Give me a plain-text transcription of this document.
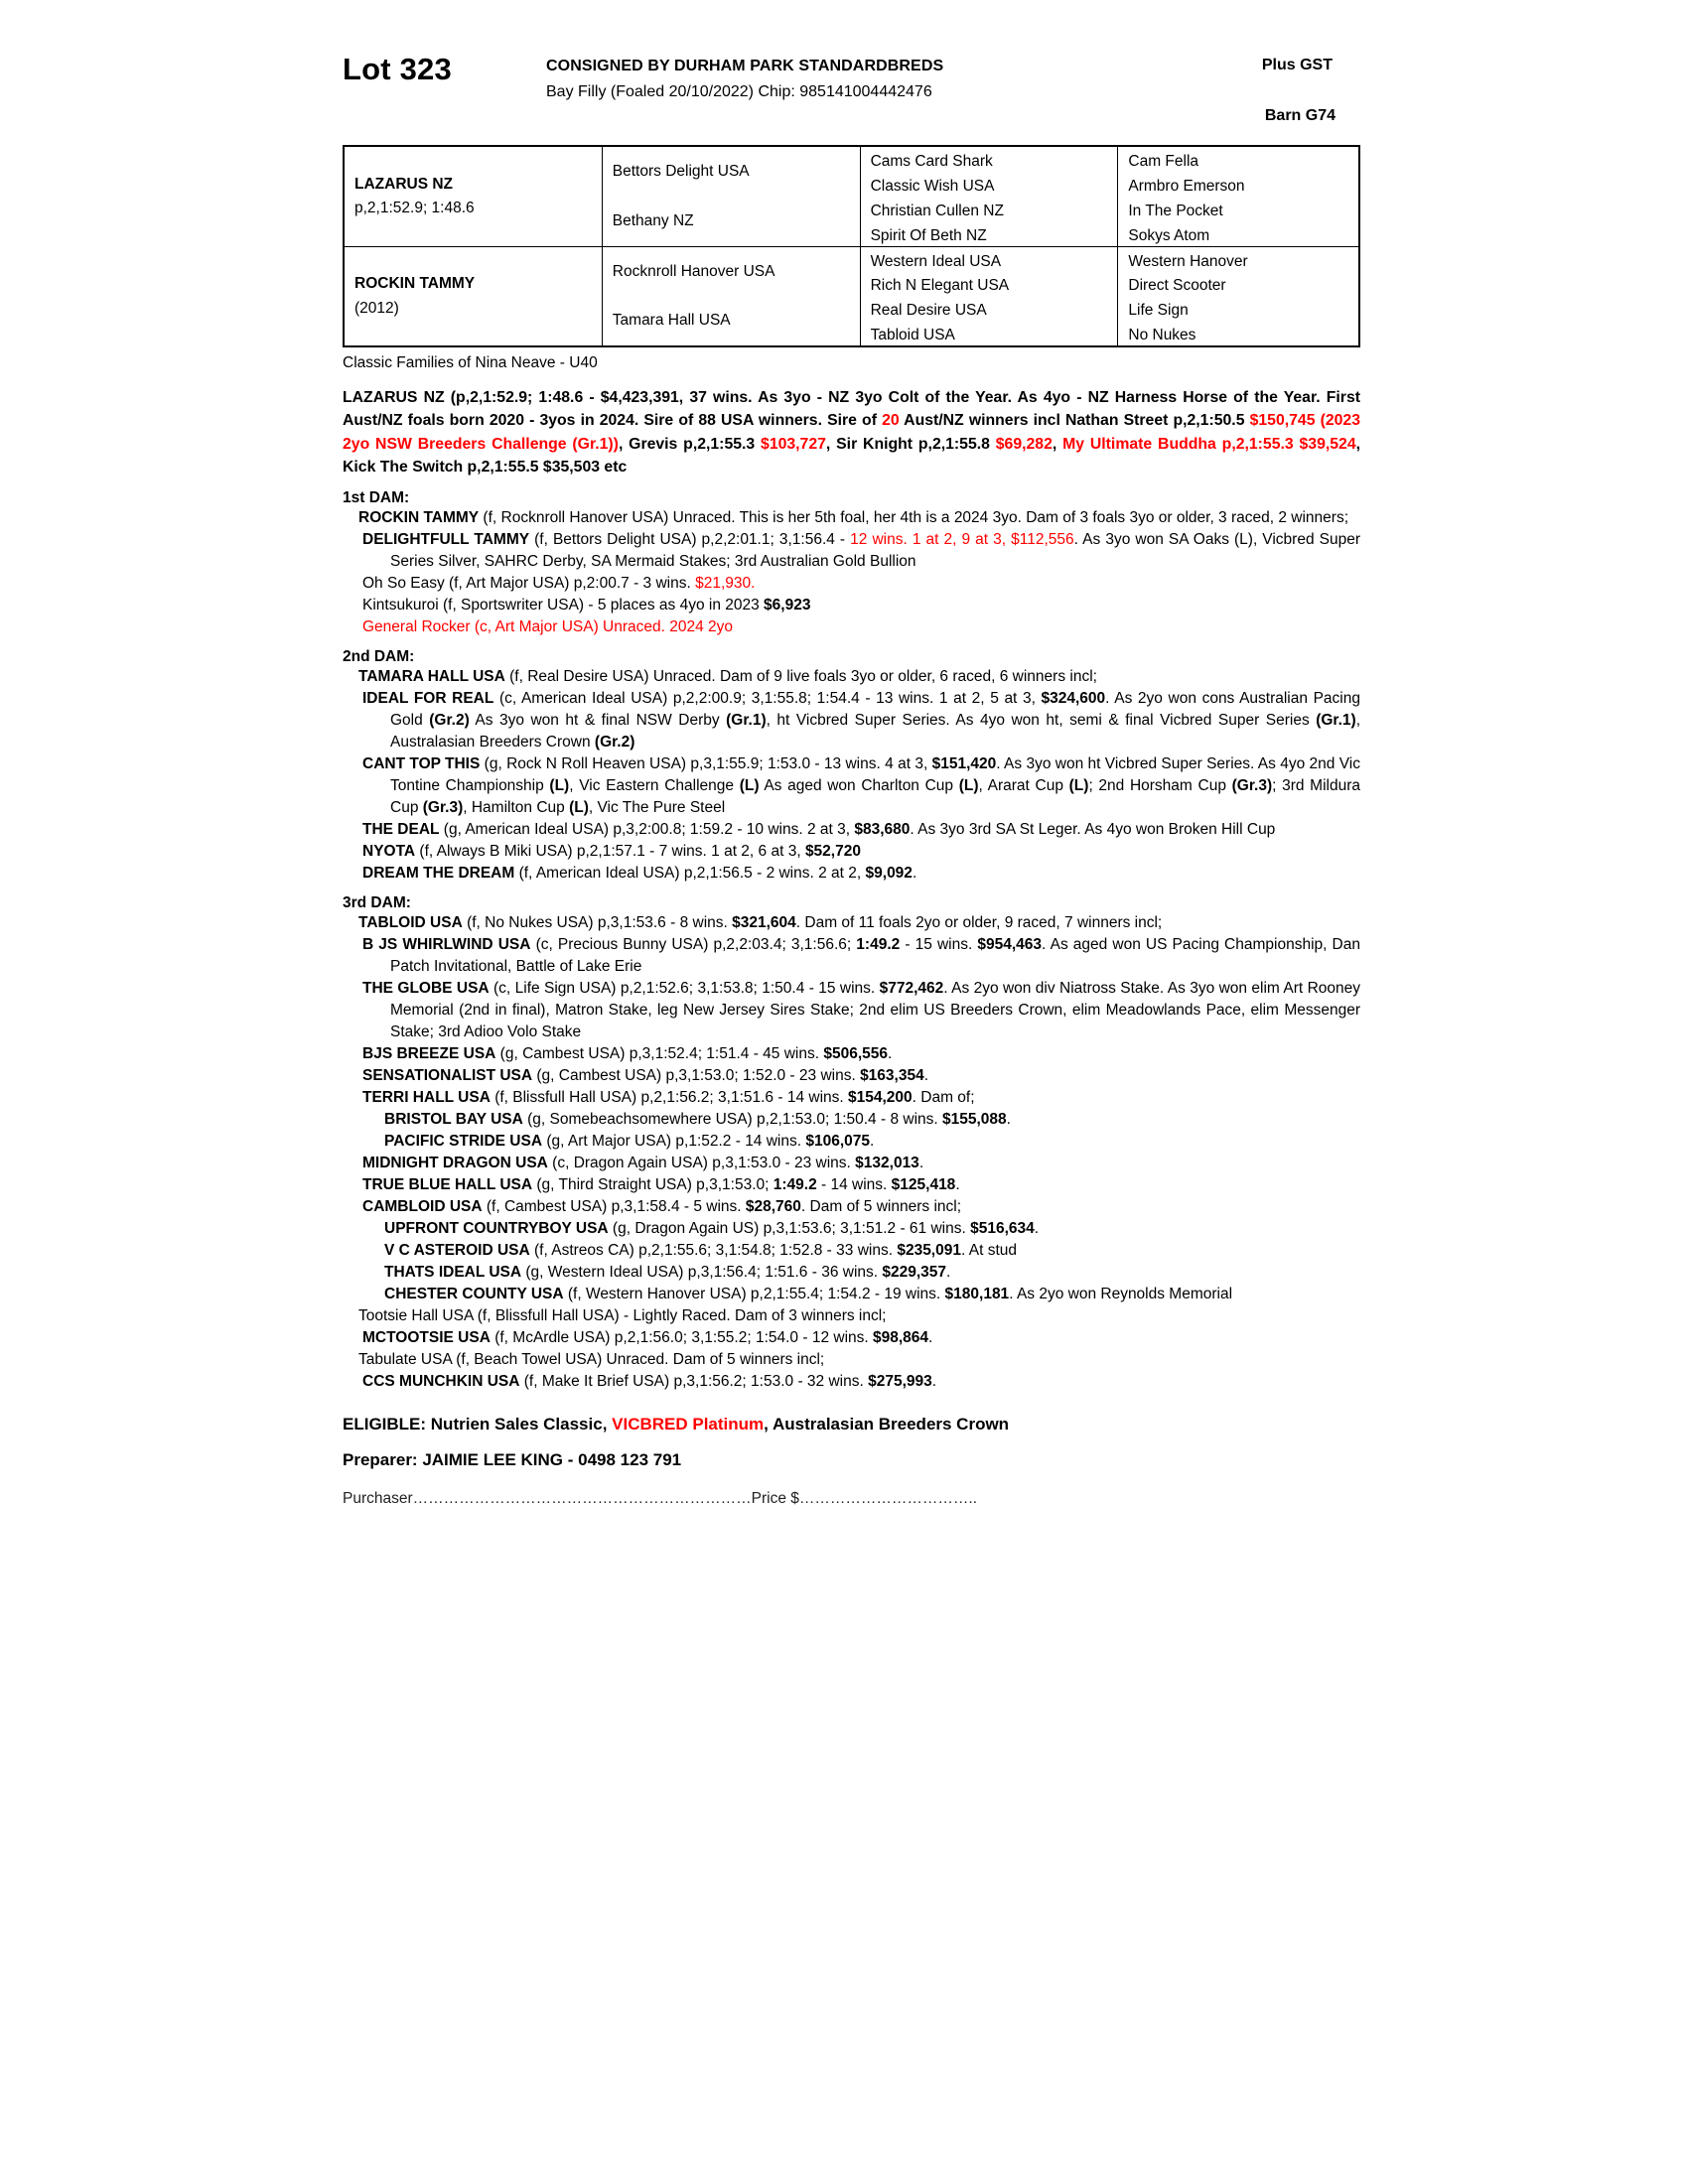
Lot 323	CONSIGNED BY DURHAM PARK STANDARDBREDS
Bay Filly (Foaled 20/10/2022) Chip: 985141004442476
Plus GST
Barn G74
LAZARUS NZ
p,2,1:52.9; 1:48.6
ROCKIN TAMMY
(2012)
Bettors Delight USA
Bethany NZ
Rocknroll Hanover USA
Tamara Hall USA
Cams Card Shark
Classic Wish USA
Christian Cullen NZ
Spirit Of Beth NZ
Western Ideal USA
Rich N Elegant USA
Real Desire USA
Tabloid USA
Cam Fella
Armbro Emerson
In The Pocket
Sokys Atom
Western Hanover
Direct Scooter
Life Sign
No Nukes
Classic Families of Nina Neave - U40
LAZARUS NZ (p,2,1:52.9; 1:48.6 - $4,423,391, 37 wins. As 3yo - NZ 3yo Colt of the Year. As 4yo - NZ Harness Horse of the Year. First Aust/NZ foals born 2020 - 3yos in 2024. Sire of 88 USA winners. Sire of 20 Aust/NZ winners incl Nathan Street p,2,1:50.5 $150,745 (2023 2yo NSW Breeders Challenge (Gr.1)), Grevis p,2,1:55.3 $103,727, Sir Knight p,2,1:55.8 $69,282, My Ultimate Buddha p,2,1:55.3 $39,524, Kick The Switch p,2,1:55.5 $35,503 etc
1st DAM:
ROCKIN TAMMY (f, Rocknroll Hanover USA) Unraced. This is her 5th foal, her 4th is a 2024 3yo. Dam of 3 foals 3yo or older, 3 raced, 2 winners;
DELIGHTFULL TAMMY (f, Bettors Delight USA) p,2,2:01.1; 3,1:56.4 - 12 wins. 1 at 2, 9 at 3, $112,556. As 3yo won SA Oaks (L), Vicbred Super Series Silver, SAHRC Derby, SA Mermaid Stakes; 3rd Australian Gold Bullion
Oh So Easy (f, Art Major USA) p,2:00.7 - 3 wins. $21,930.
Kintsukuroi (f, Sportswriter USA) - 5 places as 4yo in 2023 $6,923
General Rocker (c, Art Major USA) Unraced. 2024 2yo
2nd DAM:
TAMARA HALL USA (f, Real Desire USA) Unraced. Dam of 9 live foals 3yo or older, 6 raced, 6 winners incl;
IDEAL FOR REAL (c, American Ideal USA) p,2,2:00.9; 3,1:55.8; 1:54.4 - 13 wins. 1 at 2, 5 at 3, $324,600. As 2yo won cons Australian Pacing Gold (Gr.2) As 3yo won ht & final NSW Derby (Gr.1), ht Vicbred Super Series. As 4yo won ht, semi & final Vicbred Super Series (Gr.1), Australasian Breeders Crown (Gr.2)
CANT TOP THIS (g, Rock N Roll Heaven USA) p,3,1:55.9; 1:53.0 - 13 wins. 4 at 3, $151,420. As 3yo won ht Vicbred Super Series. As 4yo 2nd Vic Tontine Championship (L), Vic Eastern Challenge (L) As aged won Charlton Cup (L), Ararat Cup (L); 2nd Horsham Cup (Gr.3); 3rd Mildura Cup (Gr.3), Hamilton Cup (L), Vic The Pure Steel
THE DEAL (g, American Ideal USA) p,3,2:00.8; 1:59.2 - 10 wins. 2 at 3, $83,680. As 3yo 3rd SA St Leger. As 4yo won Broken Hill Cup
NYOTA (f, Always B Miki USA) p,2,1:57.1 - 7 wins. 1 at 2, 6 at 3, $52,720
DREAM THE DREAM (f, American Ideal USA) p,2,1:56.5 - 2 wins. 2 at 2, $9,092.
3rd DAM:
TABLOID USA (f, No Nukes USA) p,3,1:53.6 - 8 wins. $321,604. Dam of 11 foals 2yo or older, 9 raced, 7 winners incl;
B JS WHIRLWIND USA (c, Precious Bunny USA) p,2,2:03.4; 3,1:56.6; 1:49.2 - 15 wins. $954,463. As aged won US Pacing Championship, Dan Patch Invitational, Battle of Lake Erie
THE GLOBE USA (c, Life Sign USA) p,2,1:52.6; 3,1:53.8; 1:50.4 - 15 wins. $772,462. As 2yo won div Niatross Stake. As 3yo won elim Art Rooney Memorial (2nd in final), Matron Stake, leg New Jersey Sires Stake; 2nd elim US Breeders Crown, elim Meadowlands Pace, elim Messenger Stake; 3rd Adioo Volo Stake
BJS BREEZE USA (g, Cambest USA) p,3,1:52.4; 1:51.4 - 45 wins. $506,556.
SENSATIONALIST USA (g, Cambest USA) p,3,1:53.0; 1:52.0 - 23 wins. $163,354.
TERRI HALL USA (f, Blissfull Hall USA) p,2,1:56.2; 3,1:51.6 - 14 wins. $154,200. Dam of;
BRISTOL BAY USA (g, Somebeachsomewhere USA) p,2,1:53.0; 1:50.4 - 8 wins. $155,088.
PACIFIC STRIDE USA (g, Art Major USA) p,1:52.2 - 14 wins. $106,075.
MIDNIGHT DRAGON USA (c, Dragon Again USA) p,3,1:53.0 - 23 wins. $132,013.
TRUE BLUE HALL USA (g, Third Straight USA) p,3,1:53.0; 1:49.2 - 14 wins. $125,418.
CAMBLOID USA (f, Cambest USA) p,3,1:58.4 - 5 wins. $28,760. Dam of 5 winners incl;
UPFRONT COUNTRYBOY USA (g, Dragon Again US) p,3,1:53.6; 3,1:51.2 - 61 wins. $516,634.
V C ASTEROID USA (f, Astreos CA) p,2,1:55.6; 3,1:54.8; 1:52.8 - 33 wins. $235,091. At stud
THATS IDEAL USA (g, Western Ideal USA) p,3,1:56.4; 1:51.6 - 36 wins. $229,357.
CHESTER COUNTY USA (f, Western Hanover USA) p,2,1:55.4; 1:54.2 - 19 wins. $180,181. As 2yo won Reynolds Memorial
Tootsie Hall USA (f, Blissfull Hall USA) - Lightly Raced. Dam of 3 winners incl;
MCTOOTSIE USA (f, McArdle USA) p,2,1:56.0; 3,1:55.2; 1:54.0 - 12 wins. $98,864.
Tabulate USA (f, Beach Towel USA) Unraced. Dam of 5 winners incl;
CCS MUNCHKIN USA (f, Make It Brief USA) p,3,1:56.2; 1:53.0 - 32 wins. $275,993.
ELIGIBLE: Nutrien Sales Classic, VICBRED Platinum, Australasian Breeders Crown
Preparer: JAIMIE LEE KING - 0498 123 791
Purchaser…………………………………………………………Price $……………………………..
